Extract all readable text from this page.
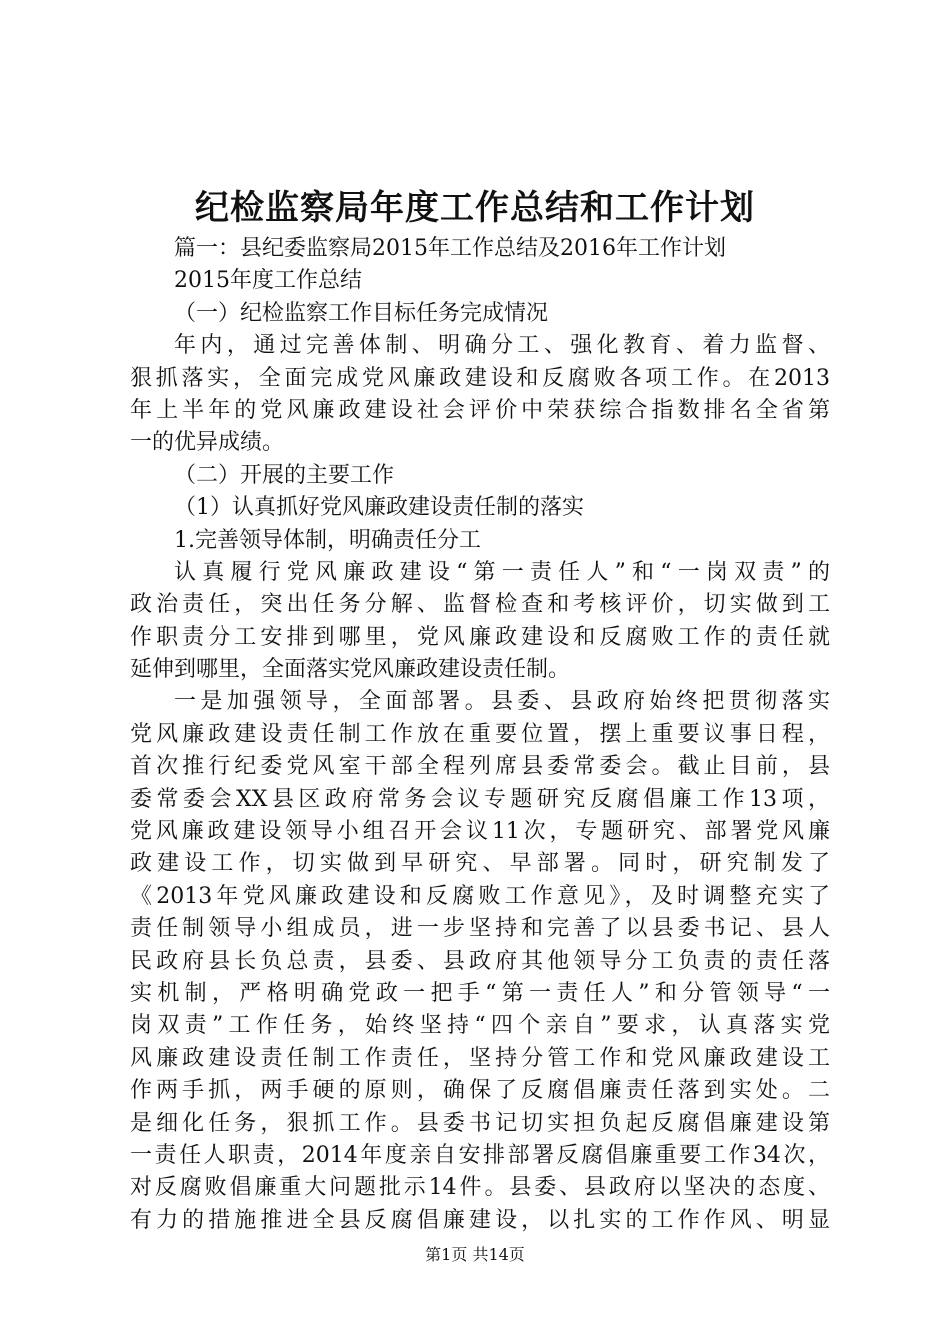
纪检监察局年度工作总结和工作计划
篇一：县纪委监察局2015年工作总结及2016年工作计划
2015年度工作总结
（一）纪检监察工作目标任务完成情况
年内，通过完善体制、明确分工、强化教育、着力监督、
狠抓落实，全面完成党风廉政建设和反腐败各项工作。在2013
年上半年的党风廉政建设社会评价中荣获综合指数排名全省第
一的优异成绩。
（二）开展的主要工作
（1）认真抓好党风廉政建设责任制的落实
1.完善领导体制，明确责任分工
认真履行党风廉政建设“第一责任人”和“一岗双责”的
政治责任，突出任务分解、监督检查和考核评价，切实做到工
作职责分工安排到哪里，党风廉政建设和反腐败工作的责任就
延伸到哪里，全面落实党风廉政建设责任制。
一是加强领导，全面部署。县委、县政府始终把贯彻落实
党风廉政建设责任制工作放在重要位置，摆上重要议事日程，
首次推行纪委党风室干部全程列席县委常委会。截止目前，县
委常委会XX县区政府常务会议专题研究反腐倡廉工作13项，
党风廉政建设领导小组召开会议11次，专题研究、部署党风廉
政建设工作，切实做到早研究、早部署。同时，研究制发了
《2013年党风廉政建设和反腐败工作意见》，及时调整充实了
责任制领导小组成员，进一步坚持和完善了以县委书记、县人
民政府县长负总责，县委、县政府其他领导分工负责的责任落
实机制，严格明确党政一把手“第一责任人”和分管领导“一
岗双责”工作任务，始终坚持“四个亲自”要求，认真落实党
风廉政建设责任制工作责任，坚持分管工作和党风廉政建设工
作两手抓，两手硬的原则，确保了反腐倡廉责任落到实处。二
是细化任务，狠抓工作。县委书记切实担负起反腐倡廉建设第
一责任人职责，2014年度亲自安排部署反腐倡廉重要工作34次，
对反腐败倡廉重大问题批示14件。县委、县政府以坚决的态度、
有力的措施推进全县反腐倡廉建设，以扎实的工作作风、明显
第1页 共14页
